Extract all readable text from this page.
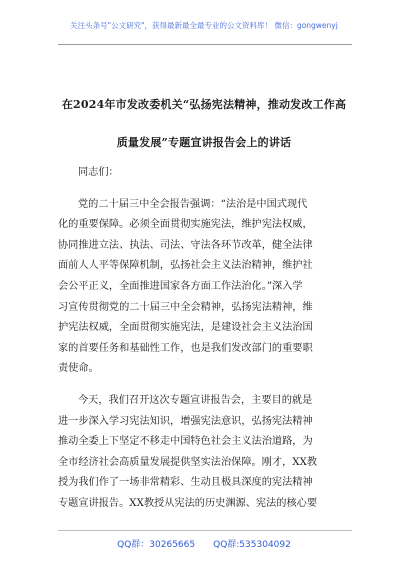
关注头条号"公文研究"，获得最新最全最专业的公文资料库！ 微信：gongwenyj
在2024年市发改委机关“弘扬宪法精神，推动发改工作高
质量发展”专题宣讲报告会上的讲话
同志们：
党的二十届三中全会报告强调：“法治是中国式现代
化的重要保障。必须全面贯彻实施宪法，维护宪法权威，
协同推进立法、执法、司法、守法各环节改革，健全法律
面前人人平等保障机制，弘扬社会主义法治精神，维护社
会公平正义，全面推进国家各方面工作法治化。”深入学
习宣传贯彻党的二十届三中全会精神，弘扬宪法精神，维
护宪法权威，全面贯彻实施宪法，是建设社会主义法治国
家的首要任务和基础性工作，也是我们发改部门的重要职
责使命。
今天，我们召开这次专题宣讲报告会，主要目的就是
进一步深入学习宪法知识，增强宪法意识，弘扬宪法精神
推动全委上下坚定不移走中国特色社会主义法治道路，为
全市经济社会高质量发展提供坚实法治保障。刚才，XX教
授为我们作了一场非常精彩、生动且极具深度的宪法精神
专题宣讲报告。XX教授从宪法的历史渊源、宪法的核心要
QQ群：30265665 QQ群:535304092
